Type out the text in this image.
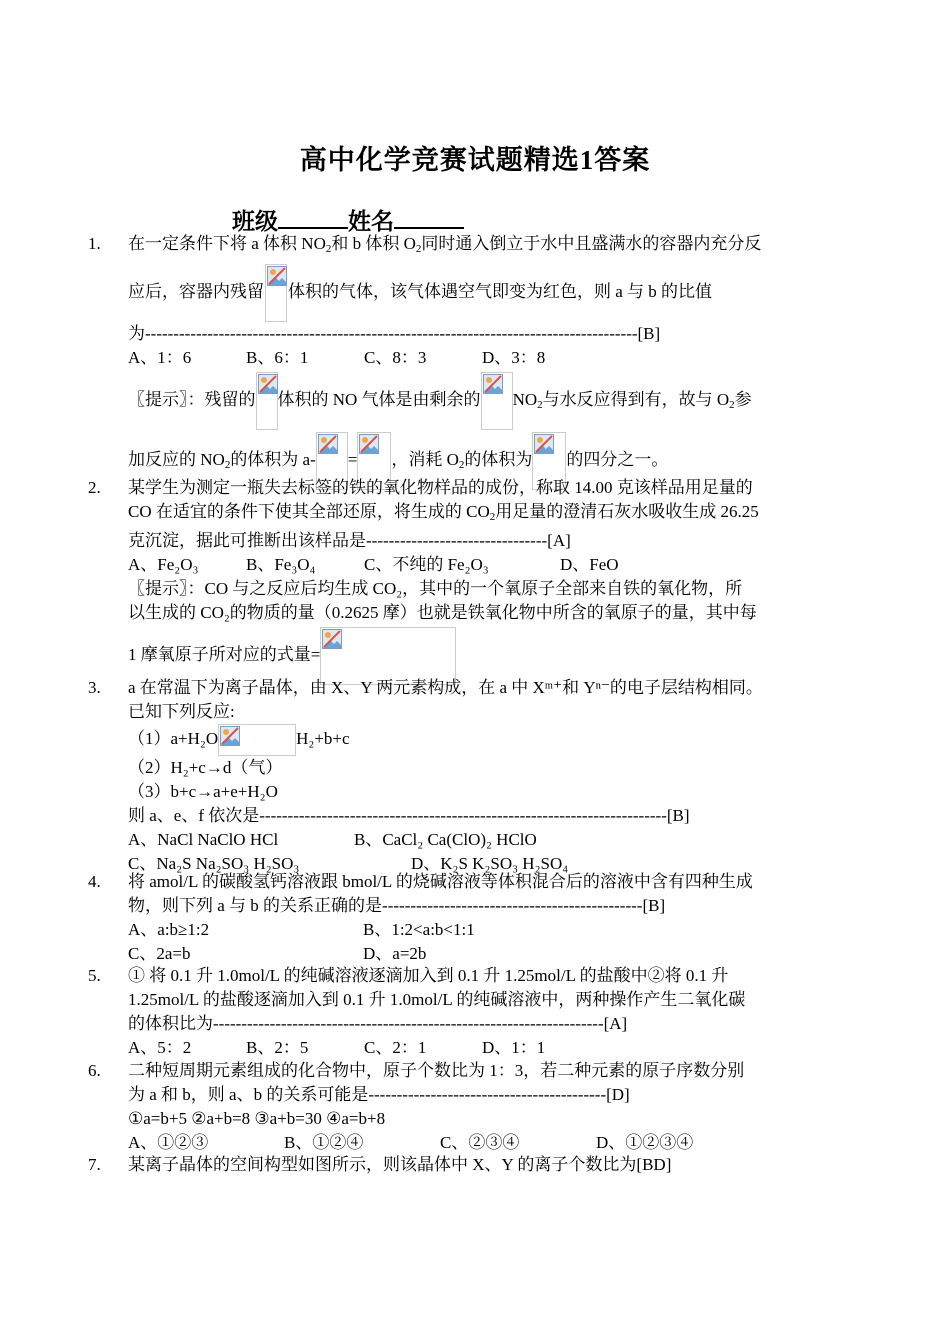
高中化学竞赛试题精选1答案
班级	姓名
1.	在一定条件下将 a 体积 $NO_2$和 b 体积 $O_2$同时通入倒立于水中且盛满水的容器内充分反
应后，容器内残留 体积的气体，该气体遇空气即变为红色，则 a 与 b 的比值
为---------------------------------------------------------------------------------------[B]
A、1：6	B、6：1	C、8：3	D、3：8
〖提示〗：残留的 体积的 NO 气体是由剩余的 $NO_2$与水反应得到有，故与 $O_2$参
加反应的 $NO_2$的体积为 a- = ，消耗 $O_2$的体积为 的四分之一。
2.	某学生为测定一瓶失去标签的铁的氧化物样品的成份，称取 14.00 克该样品用足量的
CO 在适宜的条件下使其全部还原，将生成的 $CO_2$用足量的澄清石灰水吸收生成 26.25
克沉淀，据此可推断出该样品是--------------------------------[A]
A、Fe₂O₃	B、Fe₃O₄	C、不纯的 Fe₂O₃	D、FeO
〖提示〗：CO 与之反应后均生成 CO₂，其中的一个氧原子全部来自铁的氧化物，所
以生成的 CO₂的物质的量（0.2625 摩）也就是铁氧化物中所含的氧原子的量，其中每
1 摩氧原子所对应的式量=
3.	a 在常温下为离子晶体，由 X、Y 两元素构成，在 a 中 Xᵐ⁺和 Yⁿ⁻的电子层结构相同。
已知下列反应:
（1）a+H₂O	H₂+b+c
（2）H₂+c→d（气）
（3）b+c→a+e+H₂O
则 a、e、f 依次是------------------------------------------------------------------------[B]
A、NaCl NaClO HCl	B、CaCl₂ Ca(ClO)₂ HClO
C、Na₂S Na₂SO₃ H₂SO₃	D、K₂S K₂SO₃ H₂SO₄
4.	将 amol/L 的碳酸氢钙溶液跟 bmol/L 的烧碱溶液等体积混合后的溶液中含有四种生成
物，则下列 a 与 b 的关系正确的是----------------------------------------------[B]
A、a:b≥1:2	B、1:2<a:b<1:1
C、2a=b	D、a=2b
5.	① 将 0.1 升 1.0mol/L 的纯碱溶液逐滴加入到 0.1 升 1.25mol/L 的盐酸中②将 0.1 升
1.25mol/L 的盐酸逐滴加入到 0.1 升 1.0mol/L 的纯碱溶液中，两种操作产生二氧化碳
的体积比为---------------------------------------------------------------------[A]
A、5：2	B、2：5	C、2：1	D、1：1
6.	二种短周期元素组成的化合物中，原子个数比为 1：3，若二种元素的原子序数分别
为 a 和 b，则 a、b 的关系可能是------------------------------------------[D]
①a=b+5 ②a+b=8 ③a+b=30 ④a=b+8
A、①②③	B、①②④	C、②③④	D、①②③④
7.	某离子晶体的空间构型如图所示，则该晶体中 X、Y 的离子个数比为[BD]
